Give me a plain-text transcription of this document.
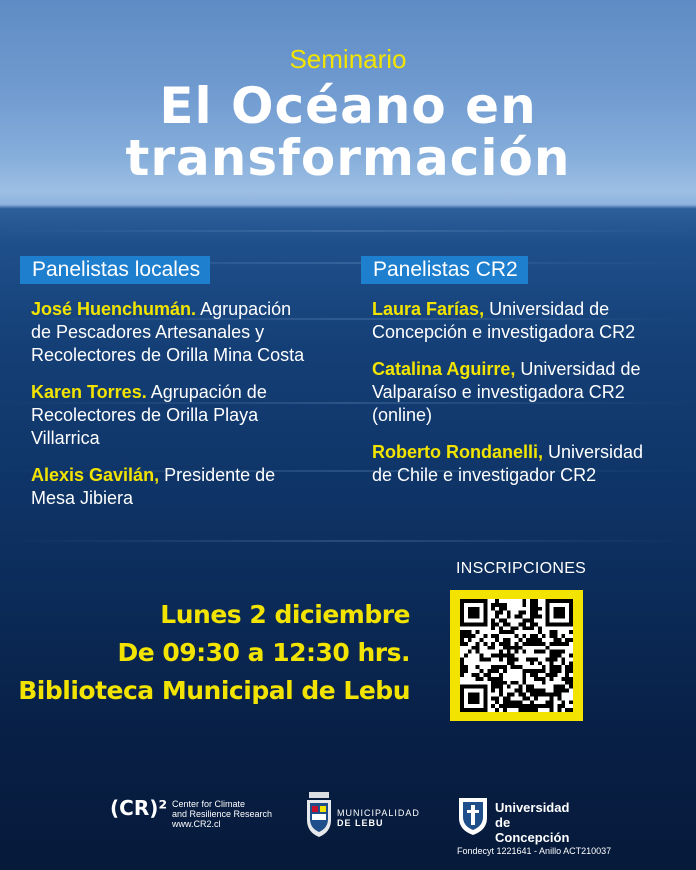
Seminario
El Océano en
transformación
Panelistas locales
José Huenchumán. Agrupación
de Pescadores Artesanales y
Recolectores de Orilla Mina Costa
Karen Torres. Agrupación de
Recolectores de Orilla Playa
Villarrica
Alexis Gavilán, Presidente de
Mesa Jibiera
Panelistas CR2
Laura Farías, Universidad de
Concepción e investigadora CR2
Catalina Aguirre, Universidad de
Valparaíso e investigadora CR2
(online)
Roberto Rondanelli, Universidad
de Chile e investigador CR2
Lunes 2 diciembre
De 09:30 a 12:30 hrs.
Biblioteca Municipal de Lebu
INSCRIPCIONES
(CR)² Center for Climate
and Resilience Research
www.CR2.cl
MUNICIPALIDAD
DE LEBU
Universidad
de Concepción
Fondecyt 1221641 - Anillo ACT210037
